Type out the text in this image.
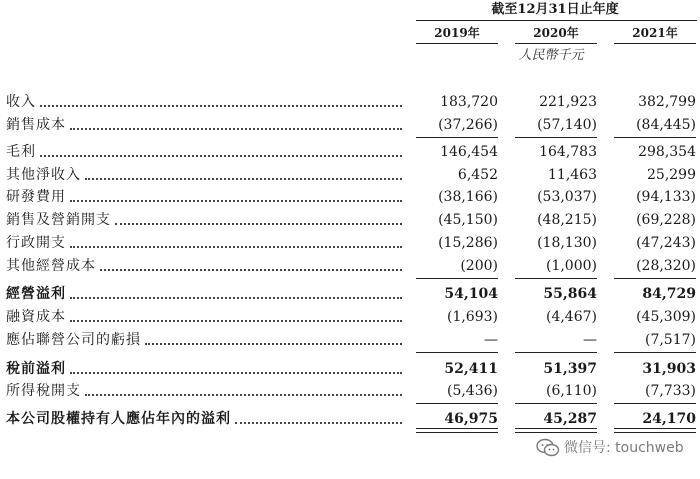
截至12月31日止年度
2019年	2020年	2021年
人民幣千元
收入	183,720	221,923	382,799
銷售成本	(37,266)	(57,140)	(84,445)
毛利	146,454	164,783	298,354
其他淨收入	6,452	11,463	25,299
研發費用	(38,166)	(53,037)	(94,133)
銷售及營銷開支	(45,150)	(48,215)	(69,228)
行政開支	(15,286)	(18,130)	(47,243)
其他經營成本	(200)	(1,000)	(28,320)
經營溢利	54,104	55,864	84,729
融資成本	(1,693)	(4,467)	(45,309)
應佔聯營公司的虧損	—	—	(7,517)
稅前溢利	52,411	51,397	31,903
所得稅開支	(5,436)	(6,110)	(7,733)
本公司股權持有人應佔年內的溢利	46,975	45,287	24,170
微信号: touchweb
